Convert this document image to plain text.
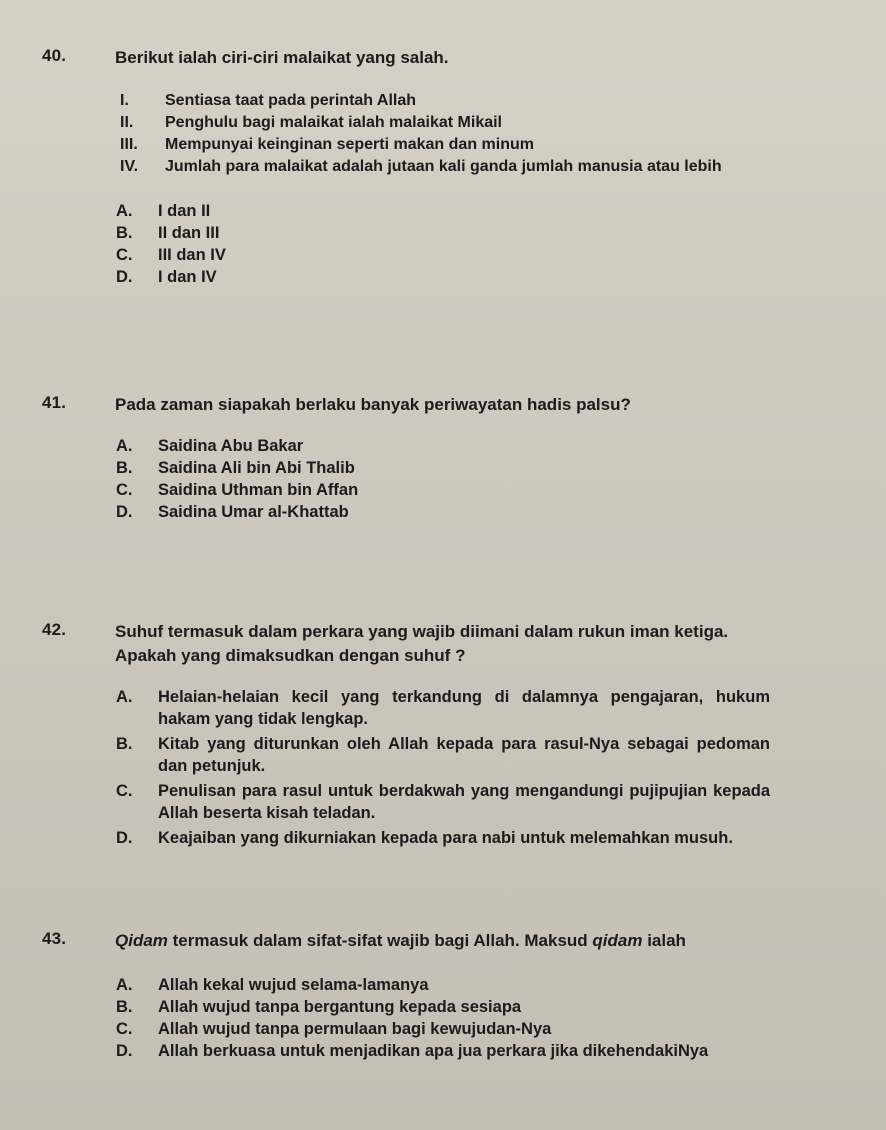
40.	Berikut ialah ciri-ciri malaikat yang salah.
I.	Sentiasa taat pada perintah Allah
II.	Penghulu bagi malaikat ialah malaikat Mikail
III.	Mempunyai keinginan seperti makan dan minum
IV.	Jumlah para malaikat adalah jutaan kali ganda jumlah manusia atau lebih
A.	I dan II
B.	II dan III
C.	III dan IV
D.	I dan IV
41.	Pada zaman siapakah berlaku banyak periwayatan hadis palsu?
A.	Saidina Abu Bakar
B.	Saidina Ali bin Abi Thalib
C.	Saidina Uthman bin Affan
D.	Saidina Umar al-Khattab
42.	Suhuf termasuk dalam perkara yang wajib diimani dalam rukun iman ketiga.
Apakah yang dimaksudkan dengan suhuf ?
A.	Helaian-helaian kecil yang terkandung di dalamnya pengajaran, hukum hakam yang tidak lengkap.
B.	Kitab yang diturunkan oleh Allah kepada para rasul-Nya sebagai pedoman dan petunjuk.
C.	Penulisan para rasul untuk berdakwah yang mengandungi pujipujian kepada Allah beserta kisah teladan.
D.	Keajaiban yang dikurniakan kepada para nabi untuk melemahkan musuh.
43.	Qidam termasuk dalam sifat-sifat wajib bagi Allah. Maksud qidam ialah
A.	Allah kekal wujud selama-lamanya
B.	Allah wujud tanpa bergantung kepada sesiapa
C.	Allah wujud tanpa permulaan bagi kewujudan-Nya
D.	Allah berkuasa untuk menjadikan apa jua perkara jika dikehendakiNya
